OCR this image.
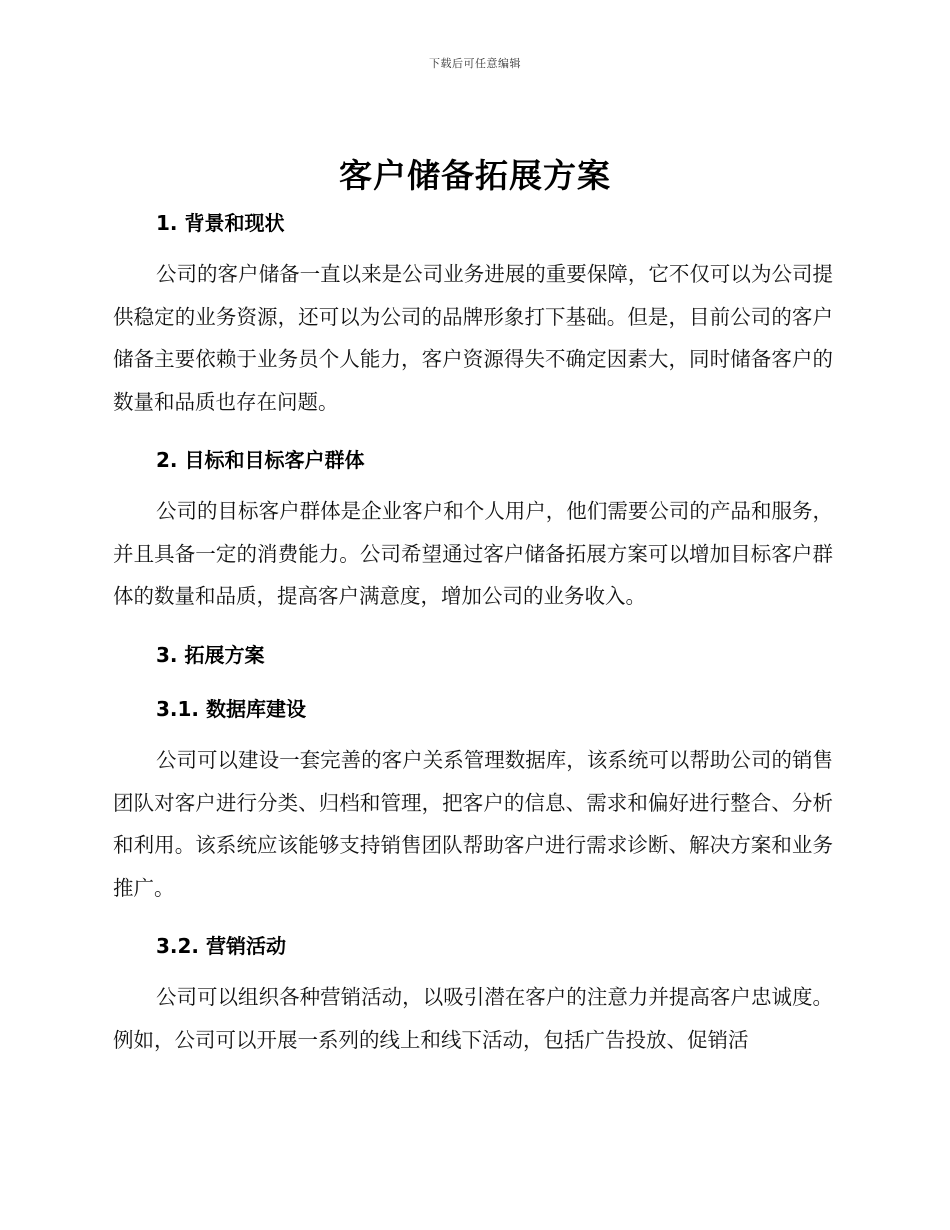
下载后可任意编辑
客户储备拓展方案
1. 背景和现状

公司的客户储备一直以来是公司业务进展的重要保障，它不仅可以为公司提供稳定的业务资源，还可以为公司的品牌形象打下基础。但是，目前公司的客户储备主要依赖于业务员个人能力，客户资源得失不确定因素大，同时储备客户的数量和品质也存在问题。

2. 目标和目标客户群体

公司的目标客户群体是企业客户和个人用户，他们需要公司的产品和服务，并且具备一定的消费能力。公司希望通过客户储备拓展方案可以增加目标客户群体的数量和品质，提高客户满意度，增加公司的业务收入。

3. 拓展方案
3.1. 数据库建设

公司可以建设一套完善的客户关系管理数据库，该系统可以帮助公司的销售团队对客户进行分类、归档和管理，把客户的信息、需求和偏好进行整合、分析和利用。该系统应该能够支持销售团队帮助客户进行需求诊断、解决方案和业务推广。

3.2. 营销活动

公司可以组织各种营销活动，以吸引潜在客户的注意力并提高客户忠诚度。例如，公司可以开展一系列的线上和线下活动，包括广告投放、促销活
